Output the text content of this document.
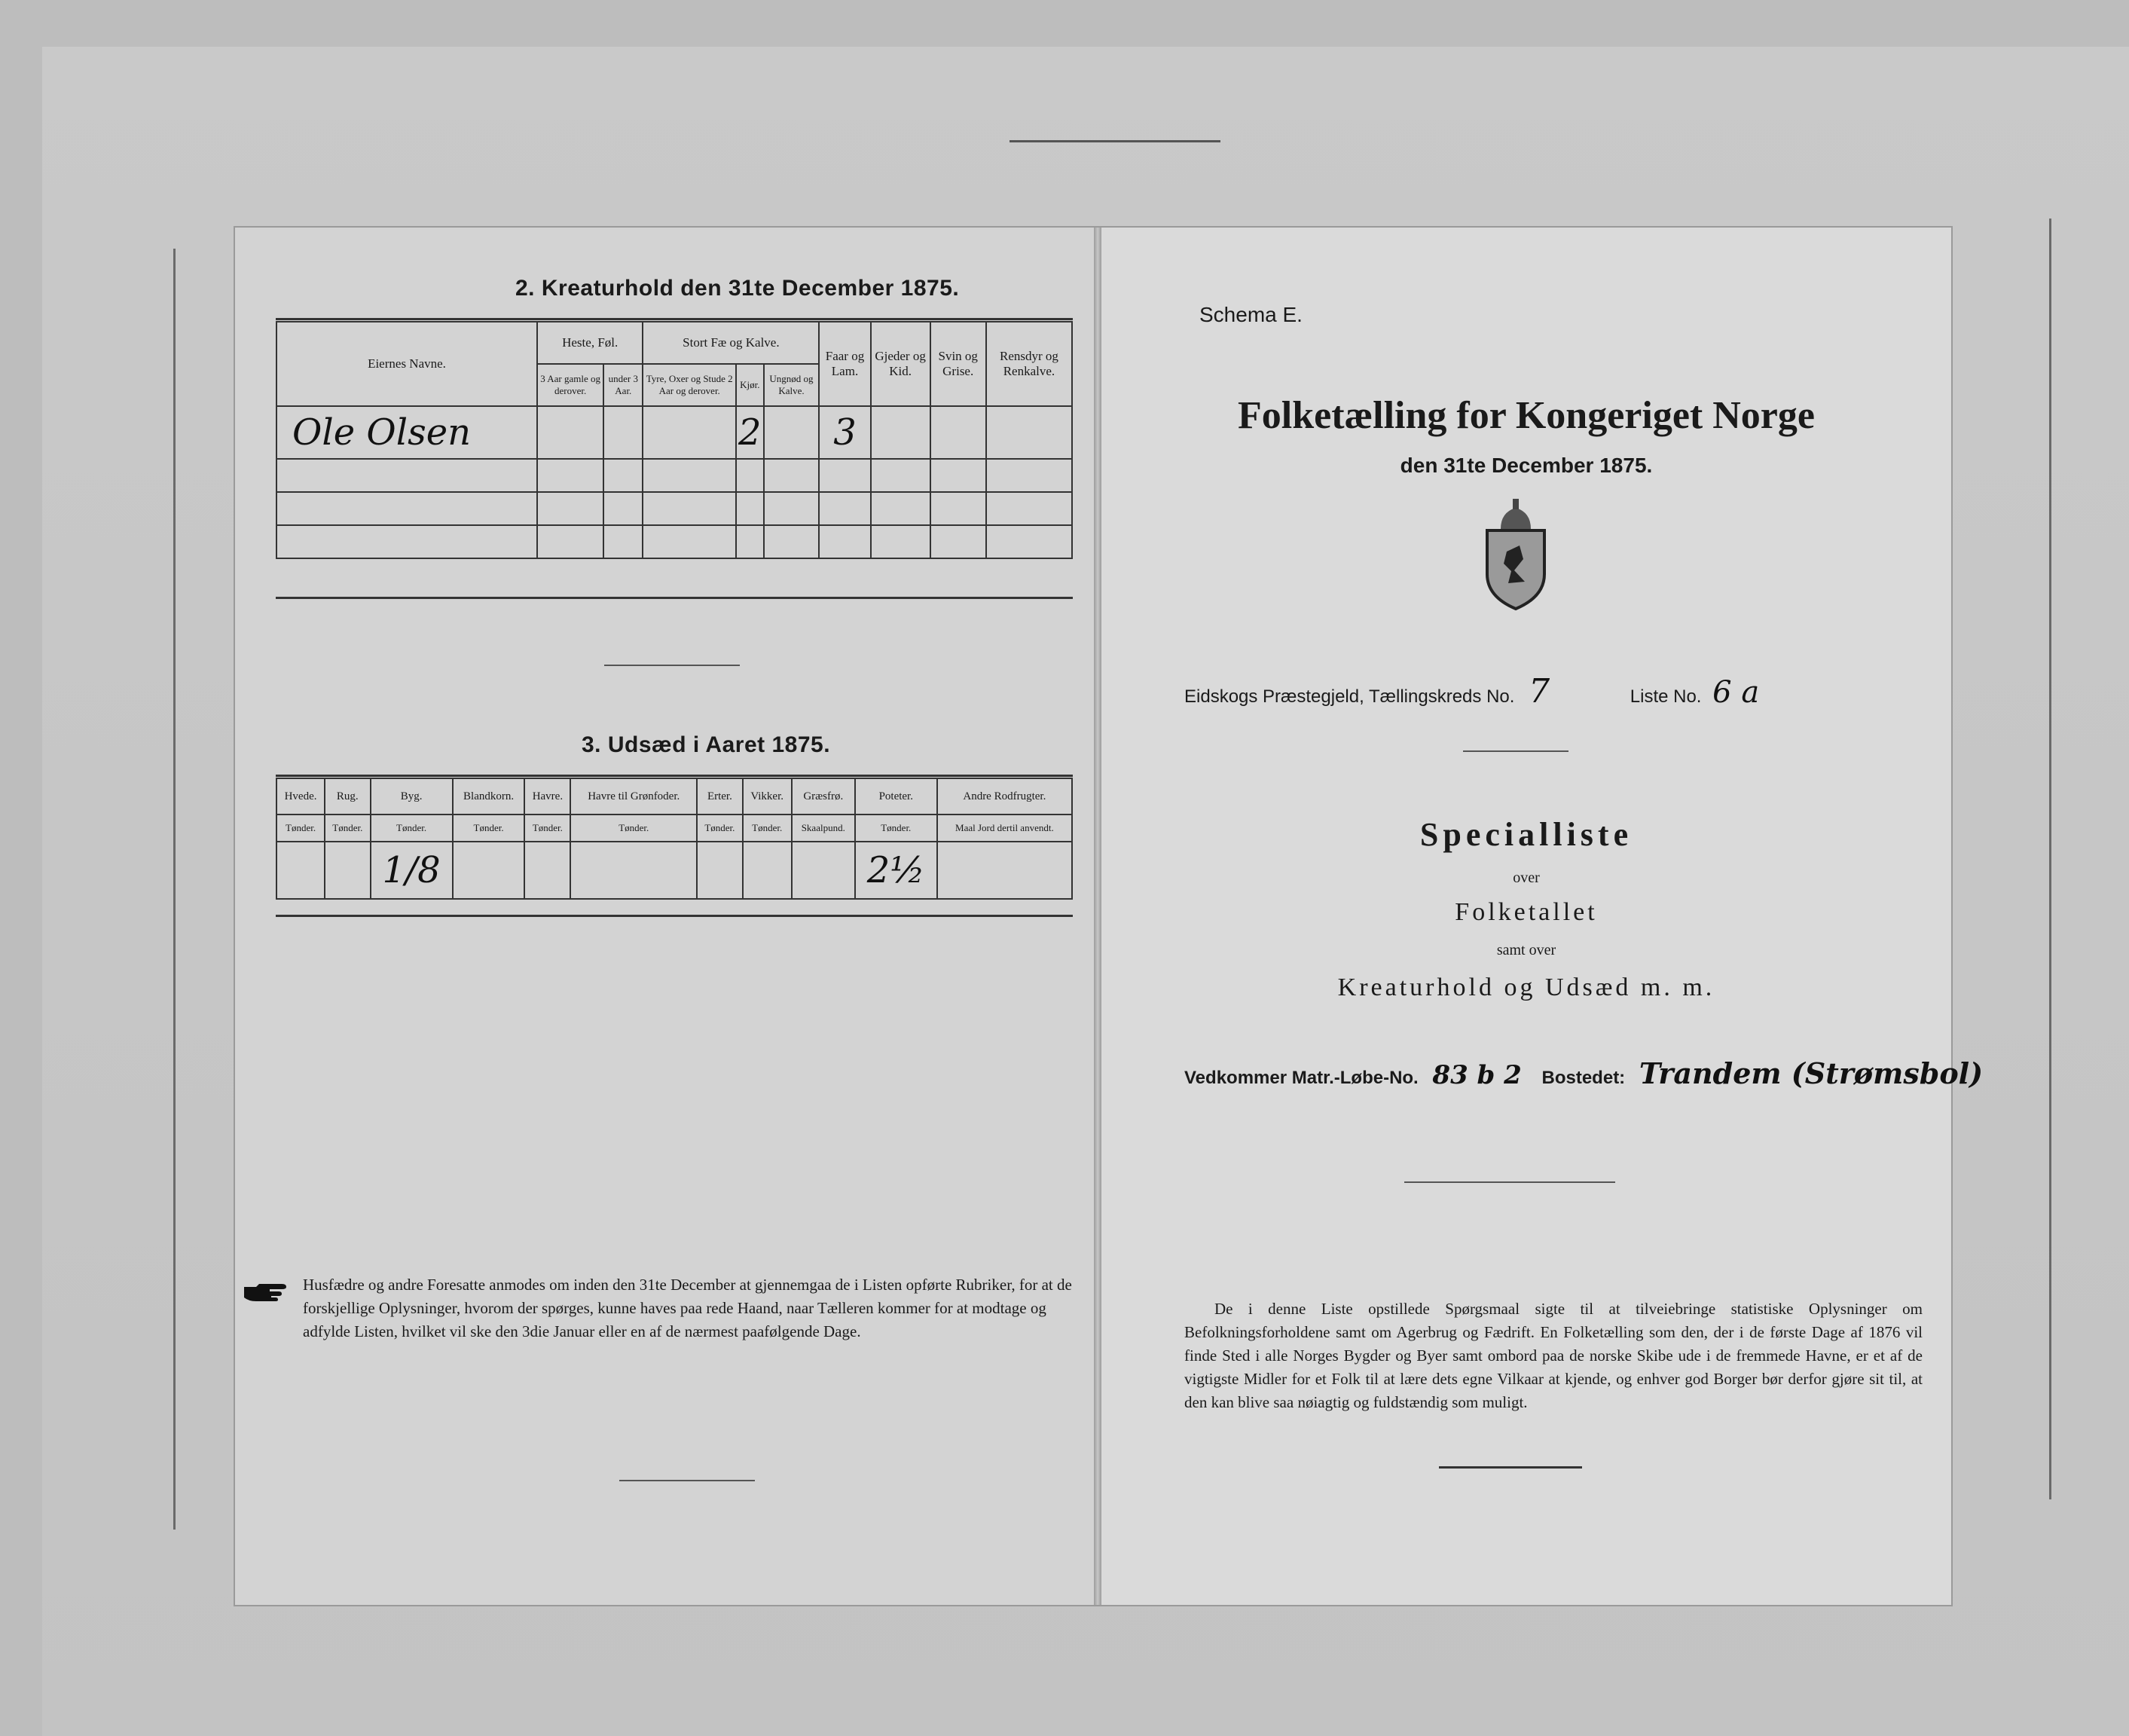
2. Kreaturhold den 31te December 1875.
Eiernes Navne.	Heste, Føl.		Stort Fæ og Kalve.			Faar og Lam.	Gjeder og Kid.	Svin og Grise.	Rensdyr og Renkalve.
	3 Aar gamle og derover.	under 3 Aar.	Tyre, Oxer og Stude 2 Aar og derover.	Kjør.	Ungnød og Kalve.				
Ole Olsen				2		3			

3. Udsæd i Aaret 1875.
Hvede.	Rug.	Byg.	Blandkorn.	Havre.	Havre til Grønfoder.	Erter.	Vikker.	Græsfrø.	Poteter.	Andre Rodfrugter.
Tønder.	Tønder.	Tønder.	Tønder.	Tønder.	Tønder.	Tønder.	Tønder.	Skaalpund.	Tønder.	Maal Jord dertil anvendt.
		1/8							2½	
Husfædre og andre Foresatte anmodes om inden den 31te December at gjennemgaa de i Listen opførte Rubriker, for at de forskjellige Oplysninger, hvorom der spørges, kunne haves paa rede Haand, naar Tælleren kommer for at modtage og adfylde Listen, hvilket vil ske den 3die Januar eller en af de nærmest paafølgende Dage.
Schema E.
Folketælling for Kongeriget Norge
den 31te December 1875.
Eidskogs Præstegjeld, Tællingskreds No. 7	Liste No. 6 a
Specialliste
over
Folketallet
samt over
Kreaturhold og Udsæd m. m.
Vedkommer Matr.-Løbe-No. 83 b 2 Bostedet: Trandem (Strømsbol)
De i denne Liste opstillede Spørgsmaal sigte til at tilveiebringe statistiske Oplysninger om Befolkningsforholdene samt om Agerbrug og Fædrift. En Folketælling som den, der i de første Dage af 1876 vil finde Sted i alle Norges Bygder og Byer samt ombord paa de norske Skibe ude i de fremmede Havne, er et af de vigtigste Midler for et Folk til at lære dets egne Vilkaar at kjende, og enhver god Borger bør derfor gjøre sit til, at den kan blive saa nøiagtig og fuldstændig som muligt.
